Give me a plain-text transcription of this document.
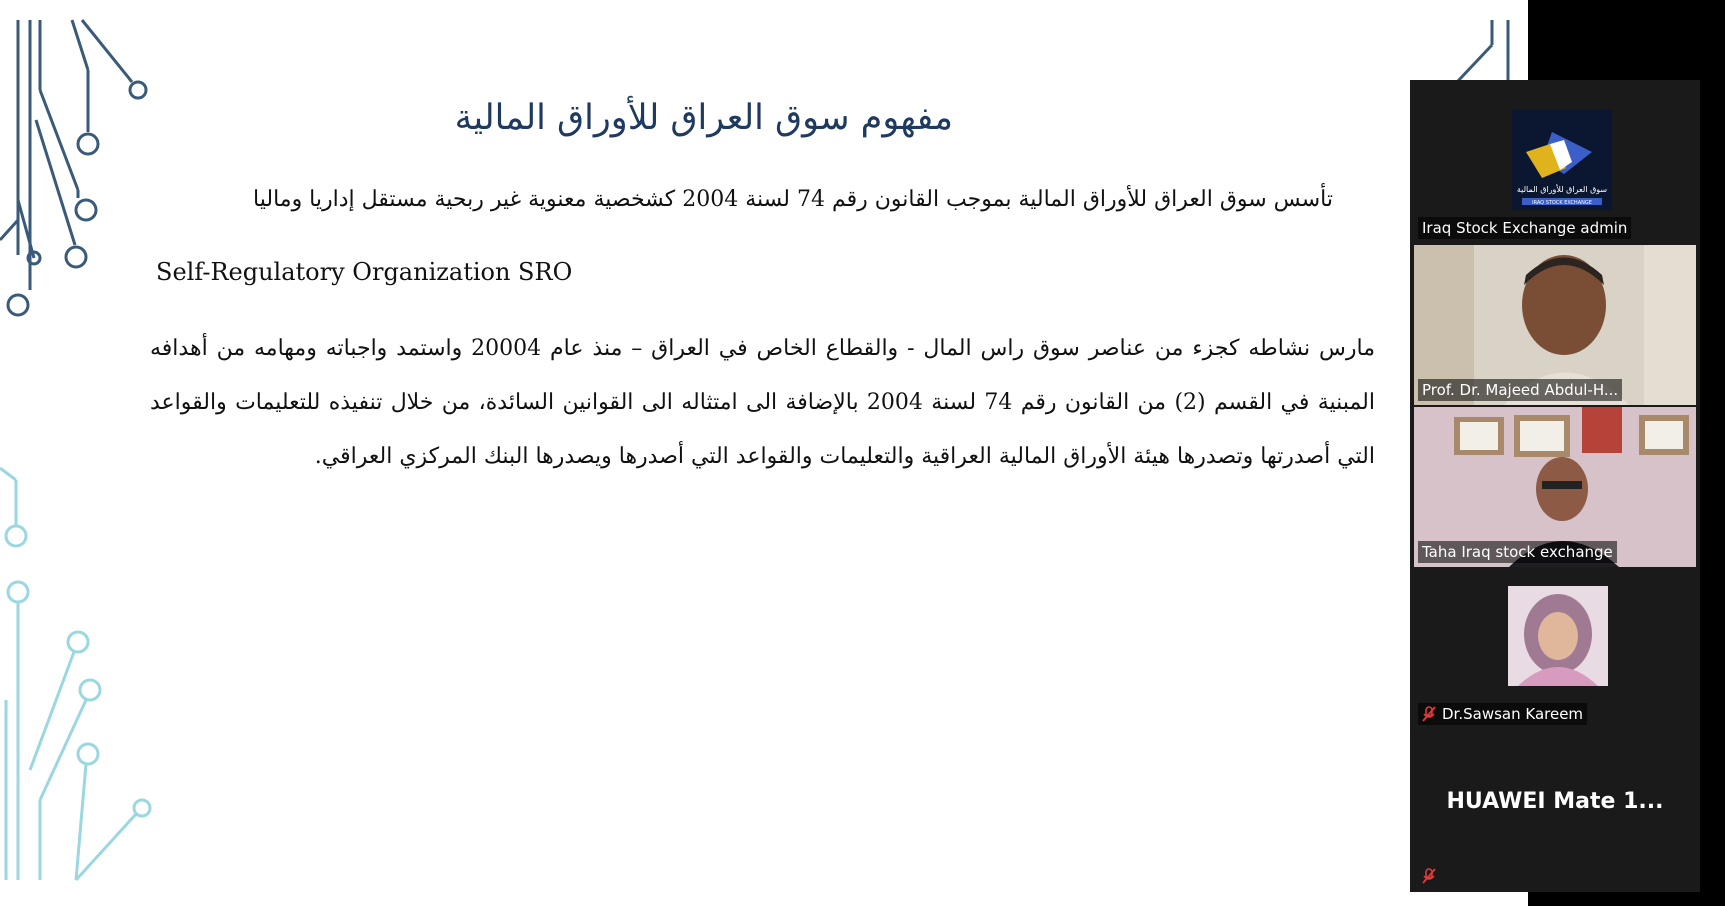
مفهوم سوق العراق للأوراق المالية
تأسس سوق العراق للأوراق المالية بموجب القانون رقم 74 لسنة 2004 كشخصية معنوية غير ربحية مستقل إداريا وماليا
Self-Regulatory Organization SRO
مارس نشاطه كجزء من عناصر سوق راس المال - والقطاع الخاص في العراق – منذ عام 20004 واستمد واجباته ومهامه من أهدافه المبنية في القسم (2) من القانون رقم 74 لسنة 2004 بالإضافة الى امتثاله الى القوانين السائدة، من خلال تنفيذه للتعليمات والقواعد التي أصدرتها وتصدرها هيئة الأوراق المالية العراقية والتعليمات والقواعد التي أصدرها ويصدرها البنك المركزي العراقي.
سوق العراق للأوراق المالية
IRAQ STOCK EXCHANGE
Iraq Stock Exchange admin
Prof. Dr. Majeed Abdul-H...
Taha Iraq stock exchange
Dr.Sawsan Kareem
HUAWEI Mate 1...
